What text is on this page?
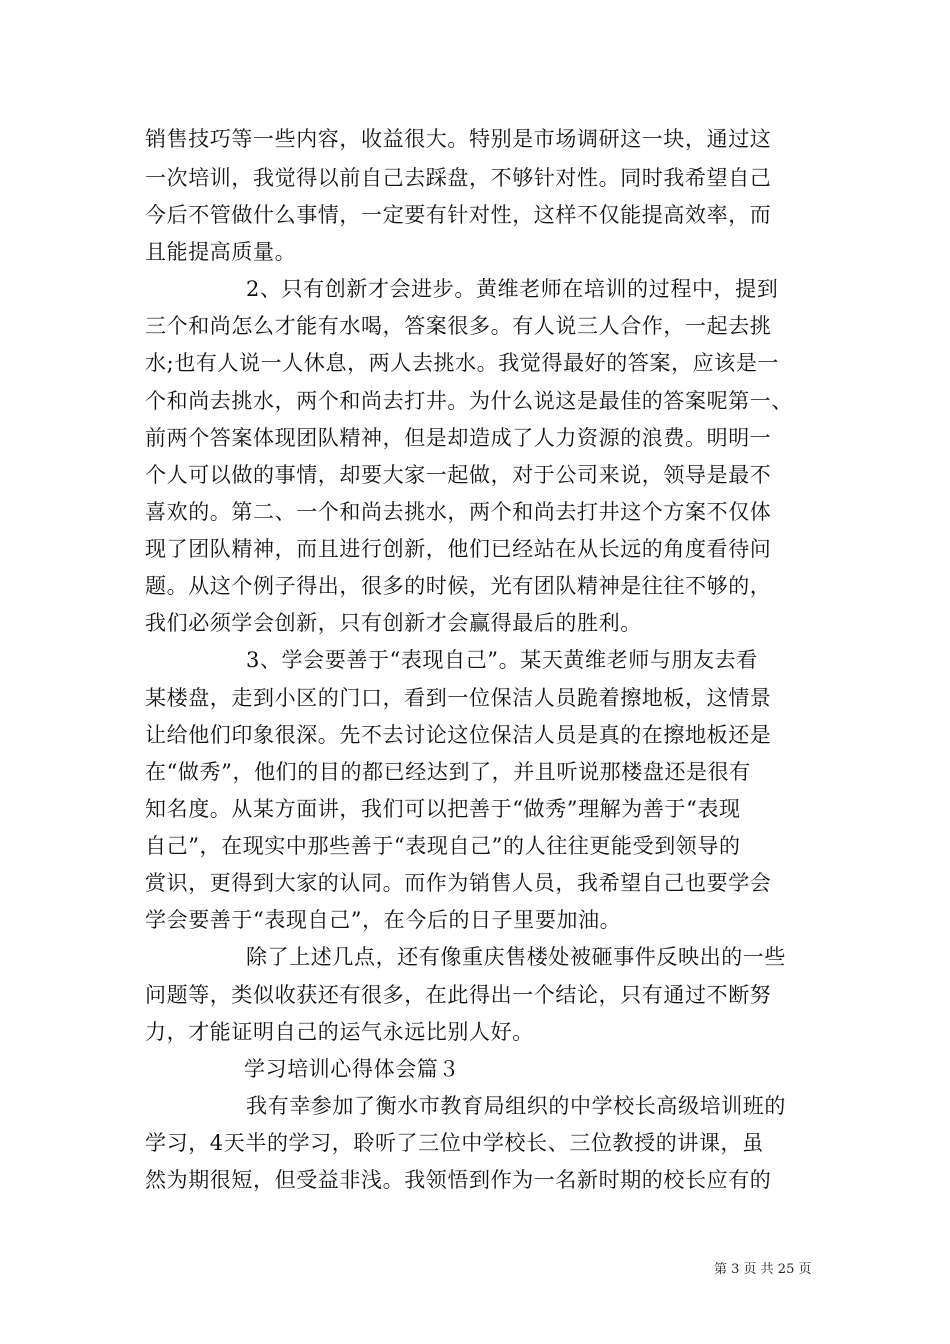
销售技巧等一些内容，收益很大。特别是市场调研这一块，通过这
一次培训，我觉得以前自己去踩盘，不够针对性。同时我希望自己
今后不管做什么事情，一定要有针对性，这样不仅能提高效率，而
且能提高质量。
2、只有创新才会进步。黄维老师在培训的过程中，提到
三个和尚怎么才能有水喝，答案很多。有人说三人合作，一起去挑
水;也有人说一人休息，两人去挑水。我觉得最好的答案，应该是一
个和尚去挑水，两个和尚去打井。为什么说这是最佳的答案呢第一、
前两个答案体现团队精神，但是却造成了人力资源的浪费。明明一
个人可以做的事情，却要大家一起做，对于公司来说，领导是最不
喜欢的。第二、一个和尚去挑水，两个和尚去打井这个方案不仅体
现了团队精神，而且进行创新，他们已经站在从长远的角度看待问
题。从这个例子得出，很多的时候，光有团队精神是往往不够的，
我们必须学会创新，只有创新才会赢得最后的胜利。
3、学会要善于“表现自己”。某天黄维老师与朋友去看
某楼盘，走到小区的门口，看到一位保洁人员跪着擦地板，这情景
让给他们印象很深。先不去讨论这位保洁人员是真的在擦地板还是
在“做秀”，他们的目的都已经达到了，并且听说那楼盘还是很有
知名度。从某方面讲，我们可以把善于“做秀”理解为善于“表现
自己”，在现实中那些善于“表现自己”的人往往更能受到领导的
赏识，更得到大家的认同。而作为销售人员，我希望自己也要学会
学会要善于“表现自己”，在今后的日子里要加油。
除了上述几点，还有像重庆售楼处被砸事件反映出的一些
问题等，类似收获还有很多，在此得出一个结论，只有通过不断努
力，才能证明自己的运气永远比别人好。
学习培训心得体会篇３
我有幸参加了衡水市教育局组织的中学校长高级培训班的
学习，4天半的学习，聆听了三位中学校长、三位教授的讲课，虽
然为期很短，但受益非浅。我领悟到作为一名新时期的校长应有的
第 3 页 共 25 页
